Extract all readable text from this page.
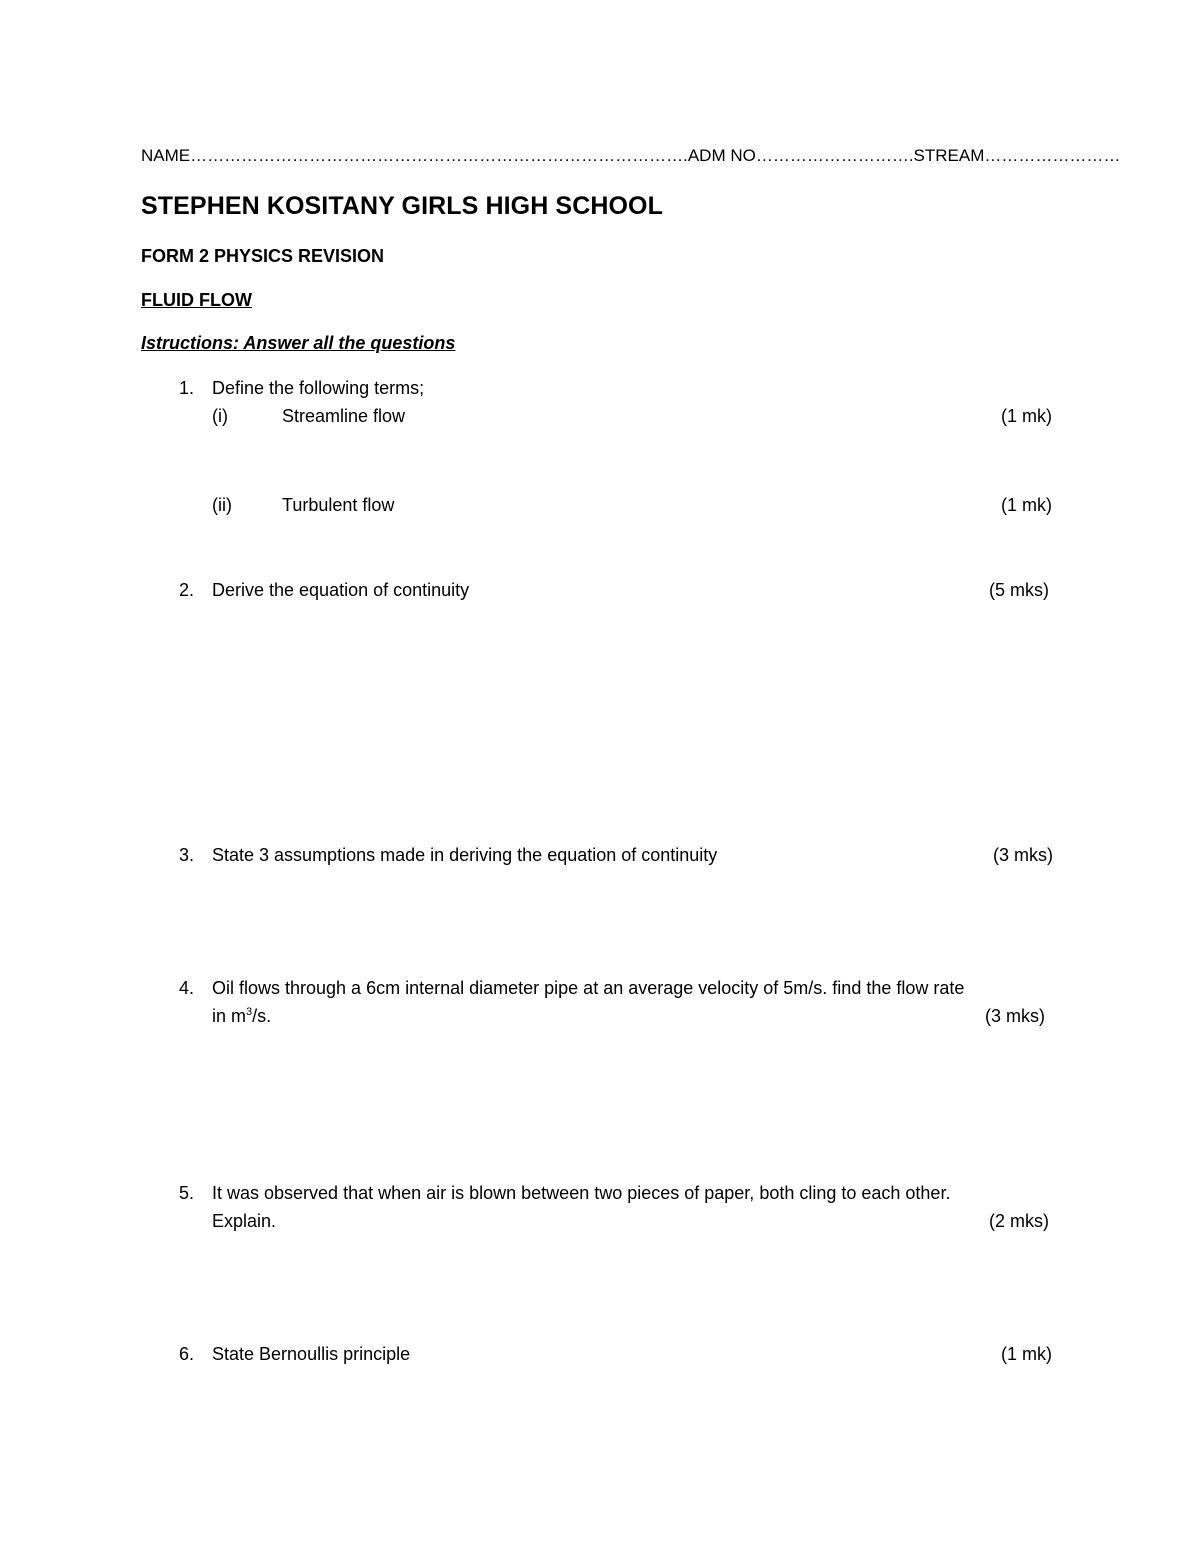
NAME…………………………………………………………………………….ADM NO……………………….STREAM……………………
STEPHEN KOSITANY GIRLS HIGH SCHOOL
FORM 2 PHYSICS REVISION
FLUID FLOW
Istructions: Answer all the questions
1. Define the following terms;
(i)	Streamline flow	(1 mk)
(ii)	Turbulent flow	(1 mk)
2. Derive the equation of continuity	(5 mks)
3. State 3 assumptions made in deriving the equation of continuity	(3 mks)
4. Oil flows through a 6cm internal diameter pipe at an average velocity of 5m/s. find the flow rate
in $m^3/s$.	(3 mks)
5. It was observed that when air is blown between two pieces of paper, both cling to each other.
Explain.	(2 mks)
6. State Bernoullis principle	(1 mk)
